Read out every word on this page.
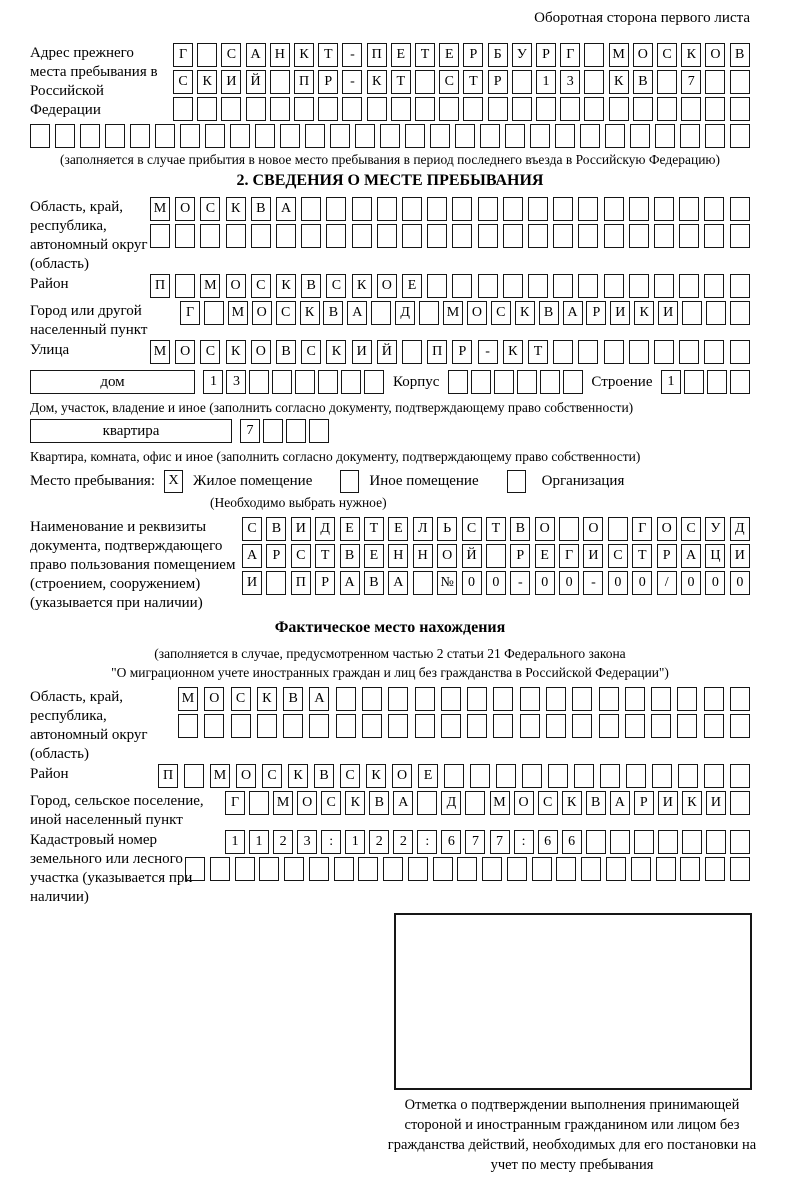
Оборотная сторона первого листа
Адрес прежнего места пребывания в Российской Федерации
Г	С	А	Н	К	Т	-	П	Е	Т	Е	Р	Б	У	Р	Г	М О	С	К	О	В
С	К	И	Й	П	Р	-	К	Т	С	Т	Р	1	3	К	В	7
(заполняется в случае прибытия в новое место пребывания в период последнего въезда в Российскую Федерацию)
2. СВЕДЕНИЯ О МЕСТЕ ПРЕБЫВАНИЯ
Область, край, республика, автономный округ (область)
М О	С	К	В	А
Район	П	М О	С	К	В	С	К	О	Е
Город или другой населенный пункт
Г	М О	С	К	В	А	Д	М О	С	К	В	А	Р	И	К	И
Улица	М О	С	К	О	В	С	К	И	Й	П	Р	-	К	Т
дом	1	3	Корпус	Строение	1
Дом, участок, владение и иное (заполнить согласно документу, подтверждающему право собственности)
квартира	7
Квартира, комната, офис и иное (заполнить согласно документу, подтверждающему право собственности)
Место пребывания: X Жилое помещение	Иное помещение	Организация
(Необходимо выбрать нужное)
Наименование и реквизиты документа, подтверждающего право пользования помещением (строением, сооружением) (указывается при наличии)
С	В	И	Д	Е	Т	Е	Л	Ь	С	Т	В	О	О	Г	О	С	У	Д
А	Р	С	Т	В	Е	Н	Н	О	Й	Р	Е	Г	И	С	Т	Р	А	Ц	И
И	П	Р	А	В	А	№	0	0	-	0	0	-	0	0	/	0	0	0
Фактическое место нахождения
(заполняется в случае, предусмотренном частью 2 статьи 21 Федерального закона
"О миграционном учете иностранных граждан и лиц без гражданства в Российской Федерации")
Область, край, республика, автономный округ (область)
М	О	С	К	В	А
Район	П	М	О	С	К	В	С	К	О	Е
Город, сельское поселение, иной населенный пункт
Г	М О	С	К	В	А	Д	М О	С	К	В	А	Р	И	К	И
Кадастровый номер земельного или лесного участка (указывается при наличии)
1	1	2	3	:	1	2	2	:	6	7	7	:	6	6
Отметка о подтверждении выполнения принимающей стороной и иностранным гражданином или лицом без гражданства действий, необходимых для его постановки на учет по месту пребывания
